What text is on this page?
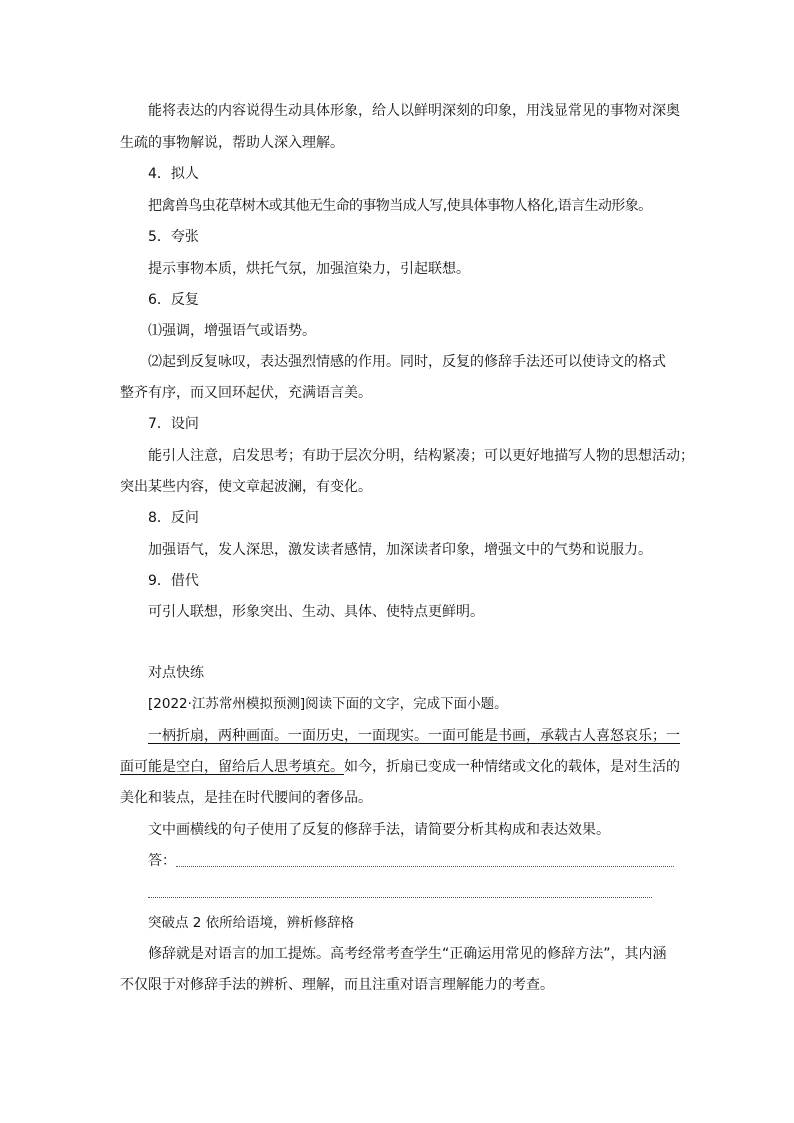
能将表达的内容说得生动具体形象，给人以鲜明深刻的印象，用浅显常见的事物对深奥
生疏的事物解说，帮助人深入理解。
4．拟人
把禽兽鸟虫花草树木或其他无生命的事物当成人写,使具体事物人格化,语言生动形象。
5．夸张
提示事物本质，烘托气氛，加强渲染力，引起联想。
6．反复
⑴强调，增强语气或语势。
⑵起到反复咏叹，表达强烈情感的作用。同时，反复的修辞手法还可以使诗文的格式
整齐有序，而又回环起伏，充满语言美。
7．设问
能引人注意，启发思考；有助于层次分明，结构紧凑；可以更好地描写人物的思想活动；
突出某些内容，使文章起波澜，有变化。
8．反问
加强语气，发人深思，激发读者感情，加深读者印象，增强文中的气势和说服力。
9．借代
可引人联想，形象突出、生动、具体、使特点更鲜明。
对点快练
[2022·江苏常州模拟预测]阅读下面的文字，完成下面小题。
一柄折扇，两种画面。一面历史，一面现实。一面可能是书画，承载古人喜怒哀乐；一
面可能是空白，留给后人思考填充。如今，折扇已变成一种情绪或文化的载体，是对生活的
美化和装点，是挂在时代腰间的奢侈品。
文中画横线的句子使用了反复的修辞手法，请简要分析其构成和表达效果。
答：
突破点 2 依所给语境，辨析修辞格
修辞就是对语言的加工提炼。高考经常考查学生“正确运用常见的修辞方法”，其内涵
不仅限于对修辞手法的辨析、理解，而且注重对语言理解能力的考查。
